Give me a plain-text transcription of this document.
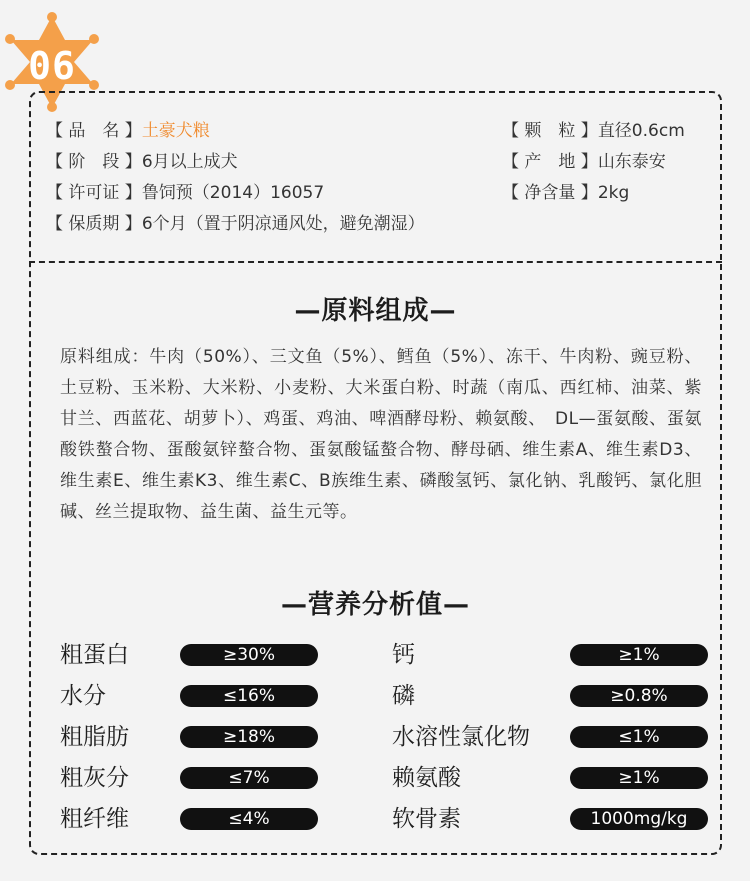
06
【 品　名 】土豪犬粮	【 颗　粒 】直径0.6cm
【 阶　段 】6月以上成犬	【 产　地 】山东泰安
【 许可证 】鲁饲预（2014）16057	【 净含量 】2kg
【 保质期 】6个月（置于阴凉通风处，避免潮湿）
—原料组成—
原料组成：牛肉（50%）、三文鱼（5%）、鳕鱼（5%）、冻干、牛肉粉、豌豆粉、土豆粉、玉米粉、大米粉、小麦粉、大米蛋白粉、时蔬（南瓜、西红柿、油菜、紫甘兰、西蓝花、胡萝卜）、鸡蛋、鸡油、啤酒酵母粉、赖氨酸、　DL—蛋氨酸、蛋氨酸铁螯合物、蛋酸氨锌螯合物、蛋氨酸锰螯合物、酵母硒、维生素A、维生素D3、维生素E、维生素K3、维生素C、B族维生素、磷酸氢钙、氯化钠、乳酸钙、氯化胆碱、丝兰提取物、益生菌、益生元等。
—营养分析值—
粗蛋白	≥30%	钙	≥1%
水分	≤16%	磷	≥0.8%
粗脂肪	≥18%	水溶性氯化物	≤1%
粗灰分	≤7%	赖氨酸	≥1%
粗纤维	≤4%	软骨素	1000mg/kg
